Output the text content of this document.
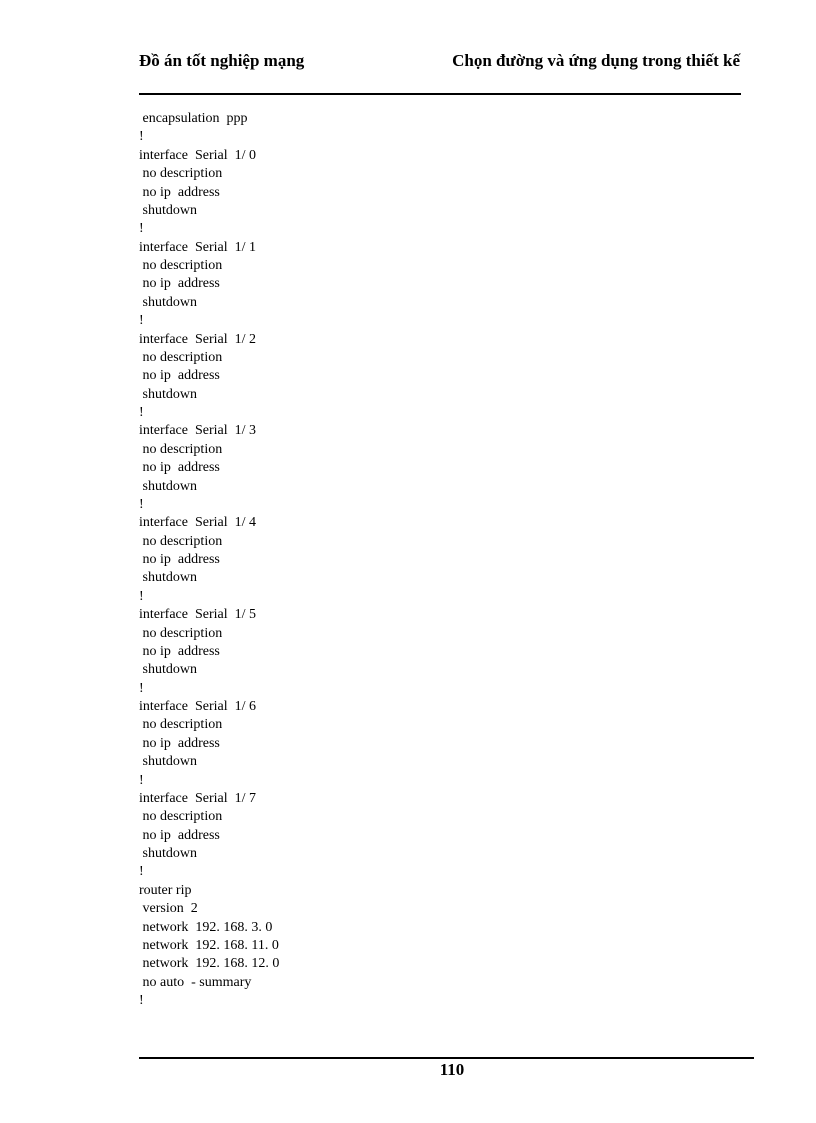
Đồ án tốt nghiệp mạng	Chọn đường và ứng dụng trong thiết kế
encapsulation  ppp
!
interface  Serial  1/ 0
no description
no ip  address
shutdown
!
interface  Serial  1/ 1
no description
no ip  address
shutdown
!
interface  Serial  1/ 2
no description
no ip  address
shutdown
!
interface  Serial  1/ 3
no description
no ip  address
shutdown
!
interface  Serial  1/ 4
no description
no ip  address
shutdown
!
interface  Serial  1/ 5
no description
no ip  address
shutdown
!
interface  Serial  1/ 6
no description
no ip  address
shutdown
!
interface  Serial  1/ 7
no description
no ip  address
shutdown
!
router rip
version  2
network  192. 168. 3. 0
network  192. 168. 11. 0
network  192. 168. 12. 0
no auto  - summary
!
110
